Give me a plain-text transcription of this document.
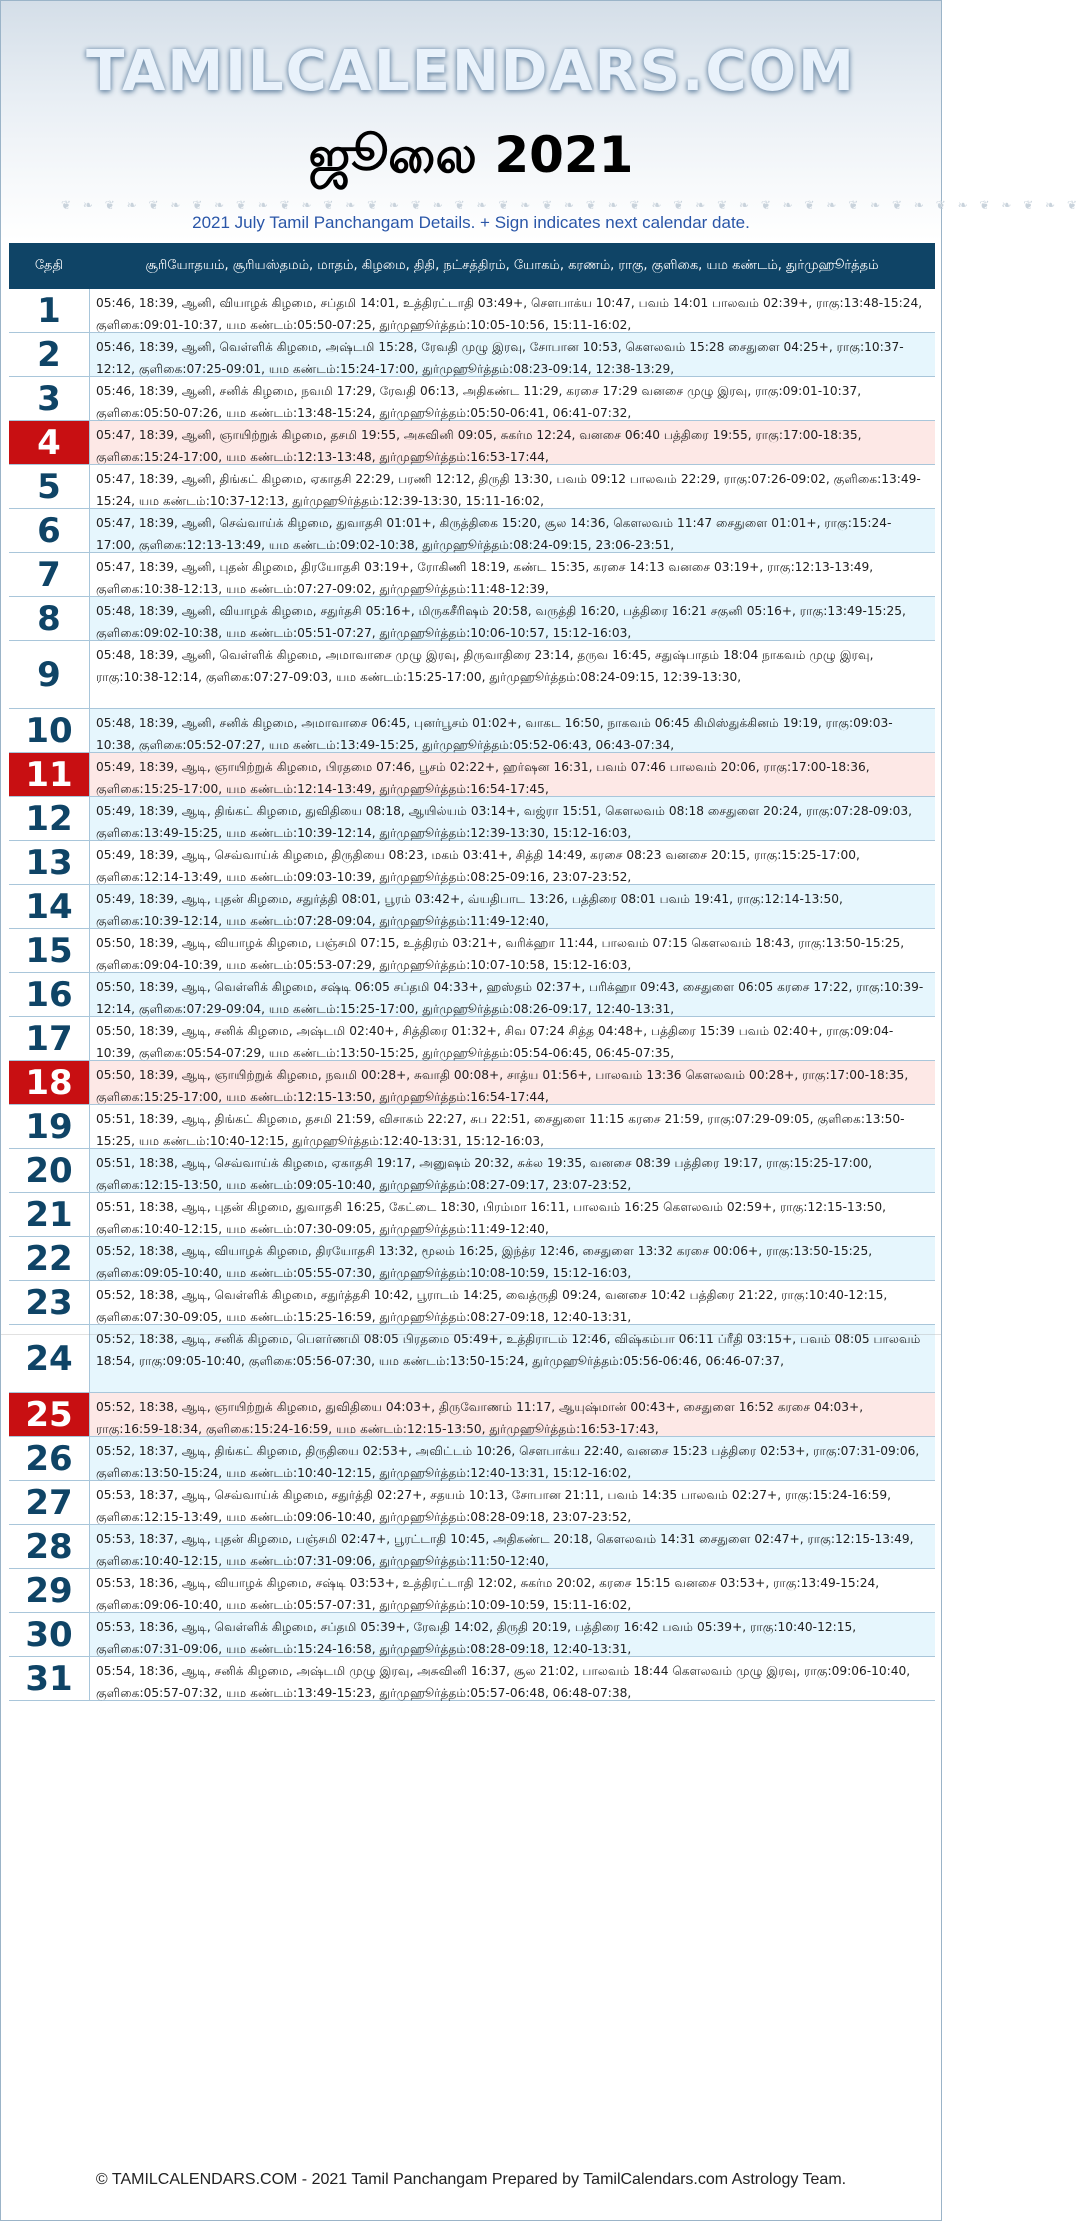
TAMILCALENDARS.COM
ஜூலை 2021
❦ ❧ ❦ ❧ ❦ ❧ ❦ ❧ ❦ ❧ ❦ ❧ ❦ ❧ ❦ ❧ ❦ ❧ ❦ ❧ ❦ ❧ ❦ ❧ ❦ ❧ ❦ ❧ ❦ ❧ ❦ ❧ ❦ ❧ ❦ ❧ ❦ ❧ ❦ ❧ ❦ ❧ ❦ ❧ ❦ ❧ ❦
2021 July Tamil Panchangam Details. + Sign indicates next calendar date.
தேதி	சூரியோதயம், சூரியஸ்தமம், மாதம், கிழமை, திதி, நட்சத்திரம், யோகம், கரணம், ராகு, குளிகை, யம கண்டம், துர்முஹூர்த்தம்
1	05:46, 18:39, ஆனி, வியாழக் கிழமை, சப்தமி 14:01, உத்திரட்டாதி 03:49+, சௌபாக்ய 10:47, பவம் 14:01 பாலவம் 02:39+, ராகு:13:48-15:24, குளிகை:09:01-10:37, யம கண்டம்:05:50-07:25, துர்முஹூர்த்தம்:10:05-10:56, 15:11-16:02,
2	05:46, 18:39, ஆனி, வெள்ளிக் கிழமை, அஷ்டமி 15:28, ரேவதி முழு இரவு, சோபான 10:53, கௌலவம் 15:28 சைதுளை 04:25+, ராகு:10:37-12:12, குளிகை:07:25-09:01, யம கண்டம்:15:24-17:00, துர்முஹூர்த்தம்:08:23-09:14, 12:38-13:29,
3	05:46, 18:39, ஆனி, சனிக் கிழமை, நவமி 17:29, ரேவதி 06:13, அதிகண்ட 11:29, கரசை 17:29 வனசை முழு இரவு, ராகு:09:01-10:37, குளிகை:05:50-07:26, யம கண்டம்:13:48-15:24, துர்முஹூர்த்தம்:05:50-06:41, 06:41-07:32,
4	05:47, 18:39, ஆனி, ஞாயிற்றுக் கிழமை, தசமி 19:55, அசுவினி 09:05, சுகர்ம 12:24, வனசை 06:40 பத்திரை 19:55, ராகு:17:00-18:35, குளிகை:15:24-17:00, யம கண்டம்:12:13-13:48, துர்முஹூர்த்தம்:16:53-17:44,
5	05:47, 18:39, ஆனி, திங்கட் கிழமை, ஏகாதசி 22:29, பரணி 12:12, திருதி 13:30, பவம் 09:12 பாலவம் 22:29, ராகு:07:26-09:02, குளிகை:13:49-15:24, யம கண்டம்:10:37-12:13, துர்முஹூர்த்தம்:12:39-13:30, 15:11-16:02,
6	05:47, 18:39, ஆனி, செவ்வாய்க் கிழமை, துவாதசி 01:01+, கிருத்திகை 15:20, சூல 14:36, கௌலவம் 11:47 சைதுளை 01:01+, ராகு:15:24-17:00, குளிகை:12:13-13:49, யம கண்டம்:09:02-10:38, துர்முஹூர்த்தம்:08:24-09:15, 23:06-23:51,
7	05:47, 18:39, ஆனி, புதன் கிழமை, திரயோதசி 03:19+, ரோகிணி 18:19, கண்ட 15:35, கரசை 14:13 வனசை 03:19+, ராகு:12:13-13:49, குளிகை:10:38-12:13, யம கண்டம்:07:27-09:02, துர்முஹூர்த்தம்:11:48-12:39,
8	05:48, 18:39, ஆனி, வியாழக் கிழமை, சதுர்தசி 05:16+, மிருகசீரிஷம் 20:58, வருத்தி 16:20, பத்திரை 16:21 சகுனி 05:16+, ராகு:13:49-15:25, குளிகை:09:02-10:38, யம கண்டம்:05:51-07:27, துர்முஹூர்த்தம்:10:06-10:57, 15:12-16:03,
9	05:48, 18:39, ஆனி, வெள்ளிக் கிழமை, அமாவாசை முழு இரவு, திருவாதிரை 23:14, தருவ 16:45, சதுஷ்பாதம் 18:04 நாகவம் முழு இரவு, ராகு:10:38-12:14, குளிகை:07:27-09:03, யம கண்டம்:15:25-17:00, துர்முஹூர்த்தம்:08:24-09:15, 12:39-13:30,
10	05:48, 18:39, ஆனி, சனிக் கிழமை, அமாவாசை 06:45, புனர்பூசம் 01:02+, வாகட 16:50, நாகவம் 06:45 கிமிஸ்துக்கினம் 19:19, ராகு:09:03-10:38, குளிகை:05:52-07:27, யம கண்டம்:13:49-15:25, துர்முஹூர்த்தம்:05:52-06:43, 06:43-07:34,
11	05:49, 18:39, ஆடி, ஞாயிற்றுக் கிழமை, பிரதமை 07:46, பூசம் 02:22+, ஹர்ஷன 16:31, பவம் 07:46 பாலவம் 20:06, ராகு:17:00-18:36, குளிகை:15:25-17:00, யம கண்டம்:12:14-13:49, துர்முஹூர்த்தம்:16:54-17:45,
12	05:49, 18:39, ஆடி, திங்கட் கிழமை, துவிதியை 08:18, ஆயில்யம் 03:14+, வஜ்ரா 15:51, கௌலவம் 08:18 சைதுளை 20:24, ராகு:07:28-09:03, குளிகை:13:49-15:25, யம கண்டம்:10:39-12:14, துர்முஹூர்த்தம்:12:39-13:30, 15:12-16:03,
13	05:49, 18:39, ஆடி, செவ்வாய்க் கிழமை, திருதியை 08:23, மகம் 03:41+, சித்தி 14:49, கரசை 08:23 வனசை 20:15, ராகு:15:25-17:00, குளிகை:12:14-13:49, யம கண்டம்:09:03-10:39, துர்முஹூர்த்தம்:08:25-09:16, 23:07-23:52,
14	05:49, 18:39, ஆடி, புதன் கிழமை, சதுர்த்தி 08:01, பூரம் 03:42+, வ்யதிபாட 13:26, பத்திரை 08:01 பவம் 19:41, ராகு:12:14-13:50, குளிகை:10:39-12:14, யம கண்டம்:07:28-09:04, துர்முஹூர்த்தம்:11:49-12:40,
15	05:50, 18:39, ஆடி, வியாழக் கிழமை, பஞ்சமி 07:15, உத்திரம் 03:21+, வரிக்ஹா 11:44, பாலவம் 07:15 கௌலவம் 18:43, ராகு:13:50-15:25, குளிகை:09:04-10:39, யம கண்டம்:05:53-07:29, துர்முஹூர்த்தம்:10:07-10:58, 15:12-16:03,
16	05:50, 18:39, ஆடி, வெள்ளிக் கிழமை, சஷ்டி 06:05 சப்தமி 04:33+, ஹஸ்தம் 02:37+, பரிக்ஹா 09:43, சைதுளை 06:05 கரசை 17:22, ராகு:10:39-12:14, குளிகை:07:29-09:04, யம கண்டம்:15:25-17:00, துர்முஹூர்த்தம்:08:26-09:17, 12:40-13:31,
17	05:50, 18:39, ஆடி, சனிக் கிழமை, அஷ்டமி 02:40+, சித்திரை 01:32+, சிவ 07:24 சித்த 04:48+, பத்திரை 15:39 பவம் 02:40+, ராகு:09:04-10:39, குளிகை:05:54-07:29, யம கண்டம்:13:50-15:25, துர்முஹூர்த்தம்:05:54-06:45, 06:45-07:35,
18	05:50, 18:39, ஆடி, ஞாயிற்றுக் கிழமை, நவமி 00:28+, சுவாதி 00:08+, சாத்ய 01:56+, பாலவம் 13:36 கௌலவம் 00:28+, ராகு:17:00-18:35, குளிகை:15:25-17:00, யம கண்டம்:12:15-13:50, துர்முஹூர்த்தம்:16:54-17:44,
19	05:51, 18:39, ஆடி, திங்கட் கிழமை, தசமி 21:59, விசாகம் 22:27, சுப 22:51, சைதுளை 11:15 கரசை 21:59, ராகு:07:29-09:05, குளிகை:13:50-15:25, யம கண்டம்:10:40-12:15, துர்முஹூர்த்தம்:12:40-13:31, 15:12-16:03,
20	05:51, 18:38, ஆடி, செவ்வாய்க் கிழமை, ஏகாதசி 19:17, அனுஷம் 20:32, சுக்ல 19:35, வனசை 08:39 பத்திரை 19:17, ராகு:15:25-17:00, குளிகை:12:15-13:50, யம கண்டம்:09:05-10:40, துர்முஹூர்த்தம்:08:27-09:17, 23:07-23:52,
21	05:51, 18:38, ஆடி, புதன் கிழமை, துவாதசி 16:25, கேட்டை 18:30, பிரம்மா 16:11, பாலவம் 16:25 கௌலவம் 02:59+, ராகு:12:15-13:50, குளிகை:10:40-12:15, யம கண்டம்:07:30-09:05, துர்முஹூர்த்தம்:11:49-12:40,
22	05:52, 18:38, ஆடி, வியாழக் கிழமை, திரயோதசி 13:32, மூலம் 16:25, இந்த்ர 12:46, சைதுளை 13:32 கரசை 00:06+, ராகு:13:50-15:25, குளிகை:09:05-10:40, யம கண்டம்:05:55-07:30, துர்முஹூர்த்தம்:10:08-10:59, 15:12-16:03,
23	05:52, 18:38, ஆடி, வெள்ளிக் கிழமை, சதுர்த்தசி 10:42, பூராடம் 14:25, வைத்ருதி 09:24, வனசை 10:42 பத்திரை 21:22, ராகு:10:40-12:15, குளிகை:07:30-09:05, யம கண்டம்:15:25-16:59, துர்முஹூர்த்தம்:08:27-09:18, 12:40-13:31,
24	05:52, 18:38, ஆடி, சனிக் கிழமை, பௌர்ணமி 08:05 பிரதமை 05:49+, உத்திராடம் 12:46, விஷ்கம்பா 06:11 ப்ரீதி 03:15+, பவம் 08:05 பாலவம் 18:54, ராகு:09:05-10:40, குளிகை:05:56-07:30, யம கண்டம்:13:50-15:24, துர்முஹூர்த்தம்:05:56-06:46, 06:46-07:37,
25	05:52, 18:38, ஆடி, ஞாயிற்றுக் கிழமை, துவிதியை 04:03+, திருவோணம் 11:17, ஆயுஷ்மான் 00:43+, சைதுளை 16:52 கரசை 04:03+, ராகு:16:59-18:34, குளிகை:15:24-16:59, யம கண்டம்:12:15-13:50, துர்முஹூர்த்தம்:16:53-17:43,
26	05:52, 18:37, ஆடி, திங்கட் கிழமை, திருதியை 02:53+, அவிட்டம் 10:26, சௌபாக்ய 22:40, வனசை 15:23 பத்திரை 02:53+, ராகு:07:31-09:06, குளிகை:13:50-15:24, யம கண்டம்:10:40-12:15, துர்முஹூர்த்தம்:12:40-13:31, 15:12-16:02,
27	05:53, 18:37, ஆடி, செவ்வாய்க் கிழமை, சதுர்த்தி 02:27+, சதயம் 10:13, சோபான 21:11, பவம் 14:35 பாலவம் 02:27+, ராகு:15:24-16:59, குளிகை:12:15-13:49, யம கண்டம்:09:06-10:40, துர்முஹூர்த்தம்:08:28-09:18, 23:07-23:52,
28	05:53, 18:37, ஆடி, புதன் கிழமை, பஞ்சமி 02:47+, பூரட்டாதி 10:45, அதிகண்ட 20:18, கௌலவம் 14:31 சைதுளை 02:47+, ராகு:12:15-13:49, குளிகை:10:40-12:15, யம கண்டம்:07:31-09:06, துர்முஹூர்த்தம்:11:50-12:40,
29	05:53, 18:36, ஆடி, வியாழக் கிழமை, சஷ்டி 03:53+, உத்திரட்டாதி 12:02, சுகர்ம 20:02, கரசை 15:15 வனசை 03:53+, ராகு:13:49-15:24, குளிகை:09:06-10:40, யம கண்டம்:05:57-07:31, துர்முஹூர்த்தம்:10:09-10:59, 15:11-16:02,
30	05:53, 18:36, ஆடி, வெள்ளிக் கிழமை, சப்தமி 05:39+, ரேவதி 14:02, திருதி 20:19, பத்திரை 16:42 பவம் 05:39+, ராகு:10:40-12:15, குளிகை:07:31-09:06, யம கண்டம்:15:24-16:58, துர்முஹூர்த்தம்:08:28-09:18, 12:40-13:31,
31	05:54, 18:36, ஆடி, சனிக் கிழமை, அஷ்டமி முழு இரவு, அசுவினி 16:37, சூல 21:02, பாலவம் 18:44 கௌலவம் முழு இரவு, ராகு:09:06-10:40, குளிகை:05:57-07:32, யம கண்டம்:13:49-15:23, துர்முஹூர்த்தம்:05:57-06:48, 06:48-07:38,
© TAMILCALENDARS.COM - 2021 Tamil Panchangam Prepared by TamilCalendars.com Astrology Team.
